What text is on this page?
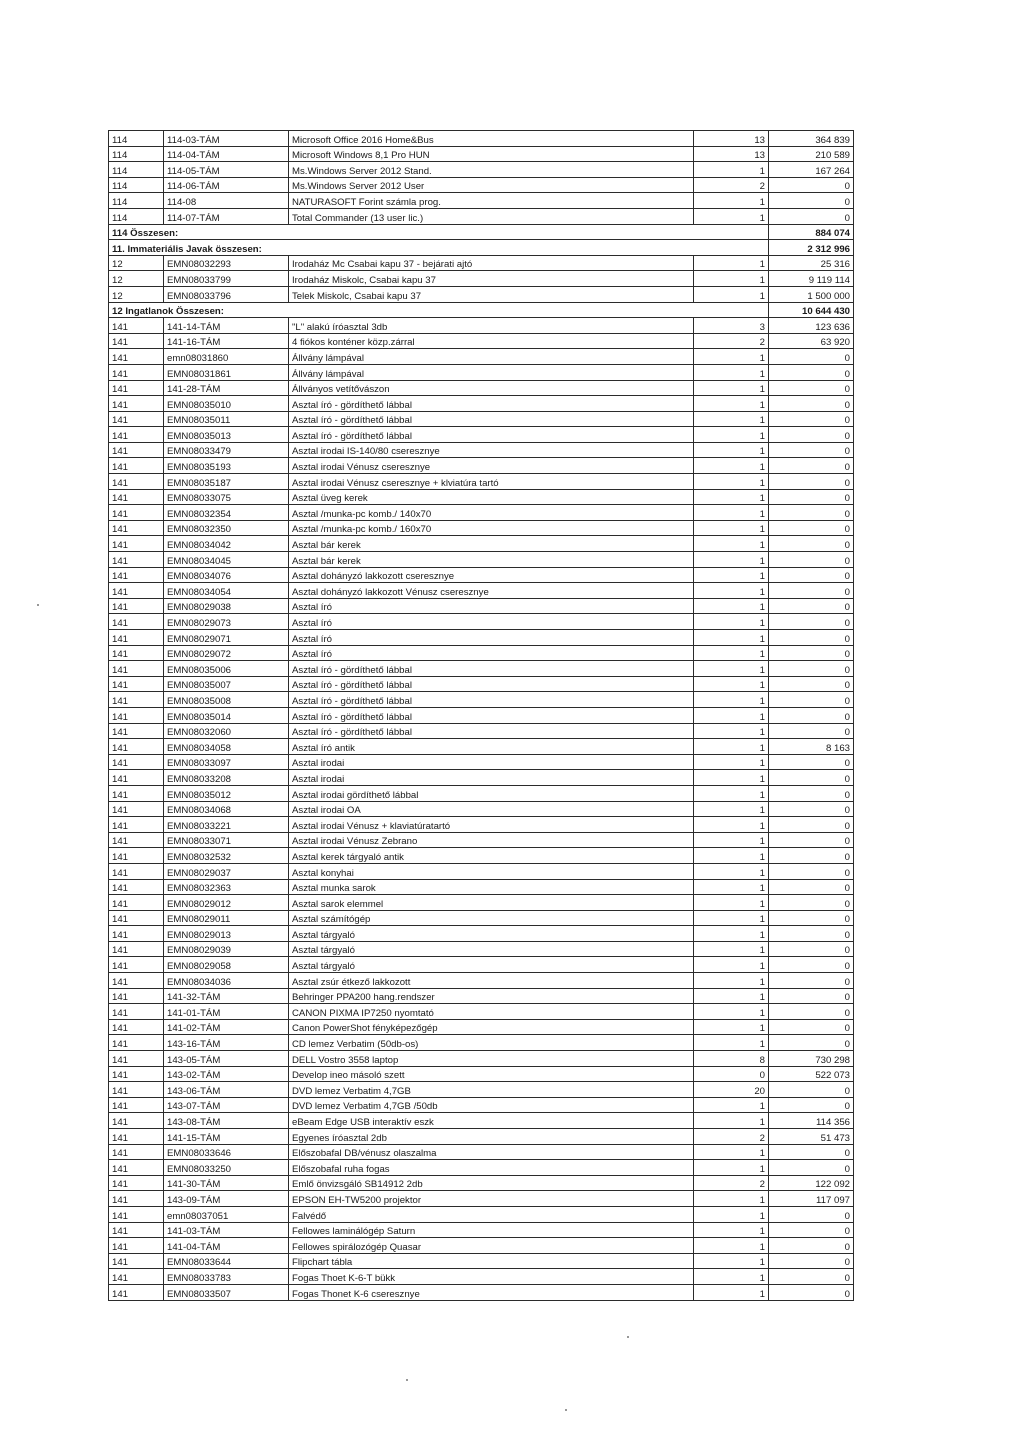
114	114-03-TÁM	Microsoft Office 2016 Home&Bus	13	364 839
114	114-04-TÁM	Microsoft Windows 8,1 Pro HUN	13	210 589
114	114-05-TÁM	Ms.Windows Server 2012 Stand.	1	167 264
114	114-06-TÁM	Ms.Windows Server 2012 User	2	0
114	114-08	NATURASOFT Forint számla prog.	1	0
114	114-07-TÁM	Total Commander (13 user lic.)	1	0
114 Összesen:				884 074
11. Immateriális Javak összesen:				2 312 996
12	EMN08032293	Irodaház Mc Csabai kapu 37 - bejárati ajtó	1	25 316
12	EMN08033799	Irodaház Miskolc, Csabai kapu 37	1	9 119 114
12	EMN08033796	Telek Miskolc, Csabai kapu 37	1	1 500 000
12 Ingatlanok Összesen:				10 644 430
141	141-14-TÁM	"L" alakú íróasztal 3db	3	123 636
141	141-16-TÁM	4 fiókos konténer közp.zárral	2	63 920
141	emn08031860	Állvány lámpával	1	0
141	EMN08031861	Állvány lámpával	1	0
141	141-28-TÁM	Állványos vetítővászon	1	0
141	EMN08035010	Asztal író - gördíthető lábbal	1	0
141	EMN08035011	Asztal író - gördíthető lábbal	1	0
141	EMN08035013	Asztal író - gördíthető lábbal	1	0
141	EMN08033479	Asztal irodai IS-140/80 cseresznye	1	0
141	EMN08035193	Asztal irodai Vénusz cseresznye	1	0
141	EMN08035187	Asztal irodai Vénusz cseresznye + klviatúra tartó	1	0
141	EMN08033075	Asztal üveg kerek	1	0
141	EMN08032354	Asztal /munka-pc komb./ 140x70	1	0
141	EMN08032350	Asztal /munka-pc komb./ 160x70	1	0
141	EMN08034042	Asztal bár kerek	1	0
141	EMN08034045	Asztal bár kerek	1	0
141	EMN08034076	Asztal dohányzó lakkozott cseresznye	1	0
141	EMN08034054	Asztal dohányzó lakkozott Vénusz cseresznye	1	0
141	EMN08029038	Asztal író	1	0
141	EMN08029073	Asztal író	1	0
141	EMN08029071	Asztal író	1	0
141	EMN08029072	Asztal író	1	0
141	EMN08035006	Asztal író - gördíthető lábbal	1	0
141	EMN08035007	Asztal író - gördíthető lábbal	1	0
141	EMN08035008	Asztal író - gördíthető lábbal	1	0
141	EMN08035014	Asztal író - gördíthető lábbal	1	0
141	EMN08032060	Asztal író - gördíthető lábbal	1	0
141	EMN08034058	Asztal író antik	1	8 163
141	EMN08033097	Asztal irodai	1	0
141	EMN08033208	Asztal irodai	1	0
141	EMN08035012	Asztal irodai gördíthető lábbal	1	0
141	EMN08034068	Asztal irodai OA	1	0
141	EMN08033221	Asztal irodai Vénusz + klaviatúratartó	1	0
141	EMN08033071	Asztal irodai Vénusz Zebrano	1	0
141	EMN08032532	Asztal kerek tárgyaló antik	1	0
141	EMN08029037	Asztal konyhai	1	0
141	EMN08032363	Asztal munka sarok	1	0
141	EMN08029012	Asztal sarok elemmel	1	0
141	EMN08029011	Asztal számítógép	1	0
141	EMN08029013	Asztal tárgyaló	1	0
141	EMN08029039	Asztal tárgyaló	1	0
141	EMN08029058	Asztal tárgyaló	1	0
141	EMN08034036	Asztal zsúr étkező lakkozott	1	0
141	141-32-TÁM	Behringer PPA200 hang.rendszer	1	0
141	141-01-TÁM	CANON PIXMA IP7250 nyomtató	1	0
141	141-02-TÁM	Canon PowerShot fényképezőgép	1	0
141	143-16-TÁM	CD lemez Verbatim (50db-os)	1	0
141	143-05-TÁM	DELL Vostro 3558 laptop	8	730 298
141	143-02-TÁM	Develop ineo másoló szett	0	522 073
141	143-06-TÁM	DVD lemez Verbatim 4,7GB	20	0
141	143-07-TÁM	DVD lemez Verbatim 4,7GB /50db	1	0
141	143-08-TÁM	eBeam Edge USB interaktív eszk	1	114 356
141	141-15-TÁM	Egyenes íróasztal 2db	2	51 473
141	EMN08033646	Előszobafal DB/vénusz olaszalma	1	0
141	EMN08033250	Előszobafal ruha fogas	1	0
141	141-30-TÁM	Emlő önvizsgáló SB14912 2db	2	122 092
141	143-09-TÁM	EPSON EH-TW5200 projektor	1	117 097
141	emn08037051	Falvédő	1	0
141	141-03-TÁM	Fellowes laminálógép Saturn	1	0
141	141-04-TÁM	Fellowes spirálozógép Quasar	1	0
141	EMN08033644	Flipchart tábla	1	0
141	EMN08033783	Fogas Thoet K-6-T bükk	1	0
141	EMN08033507	Fogas Thonet K-6 cseresznye	1	0
